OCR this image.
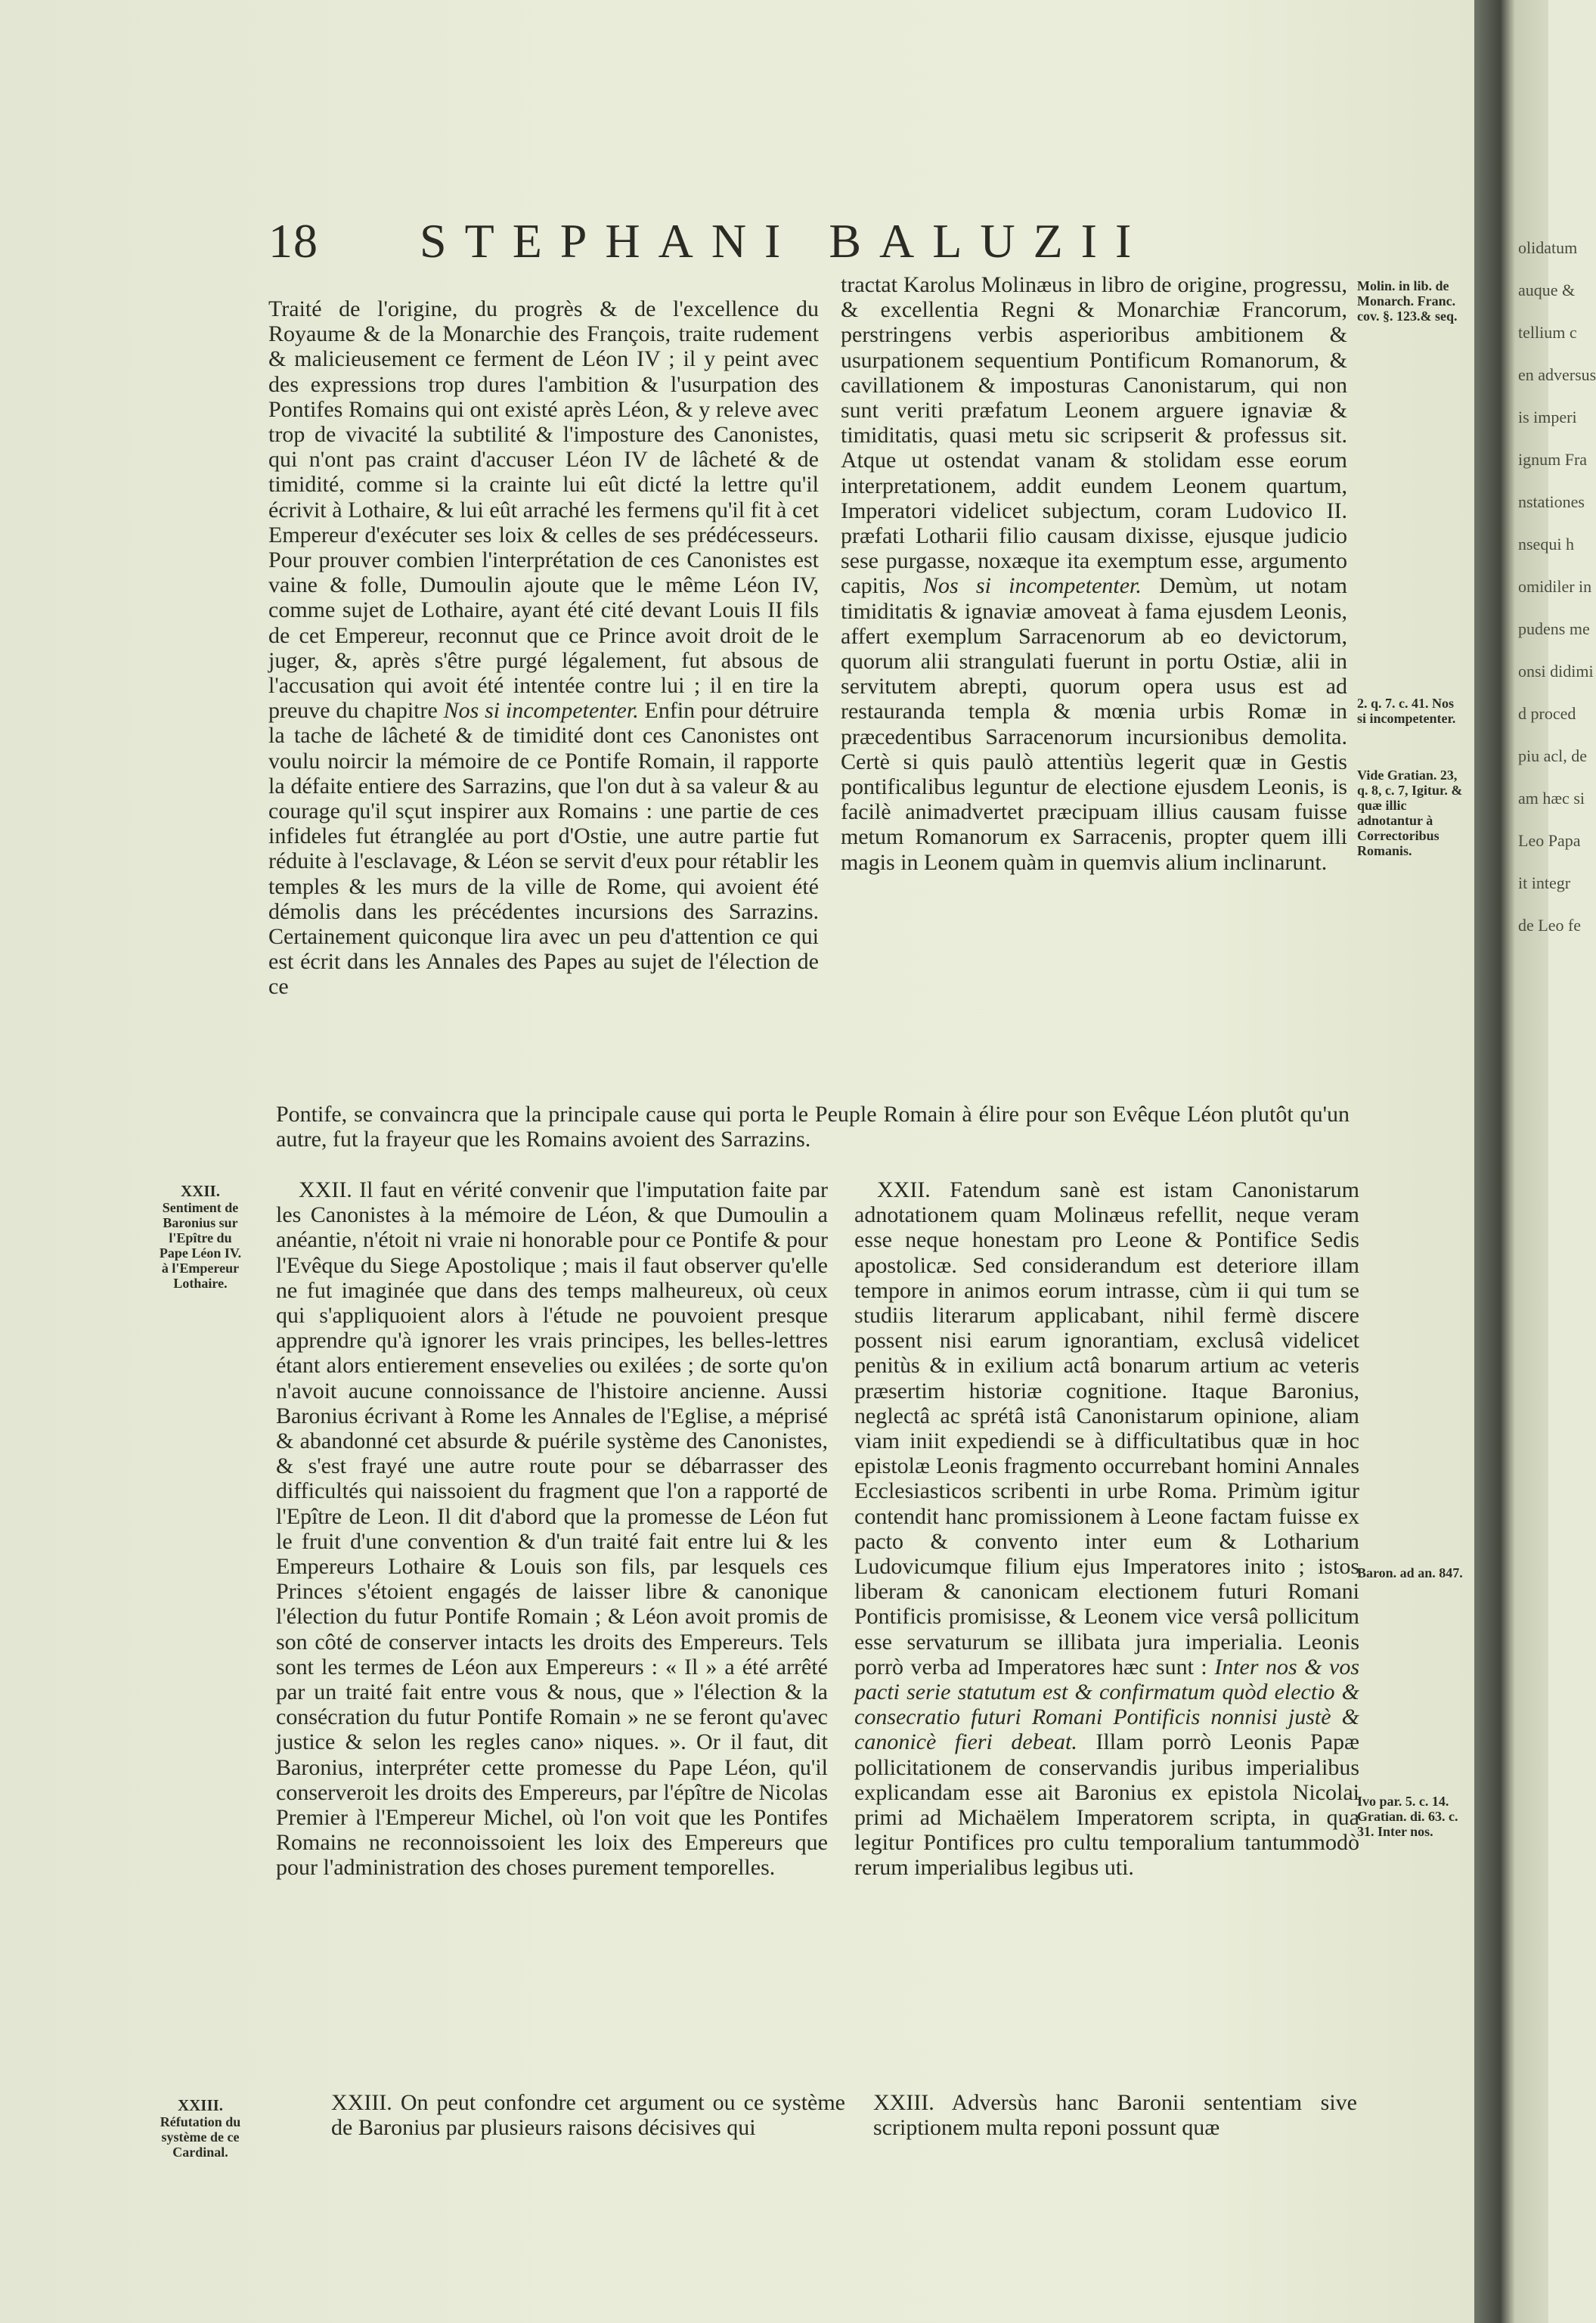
18 STEPHANI BALUZII

Traité de l'origine, du progrès & de l'excellence du Royaume & de la Monarchie des François, traite rudement & malicieusement ce ferment de Léon IV ; il y peint avec des expressions trop dures l'ambition & l'usurpation des Pontifes Romains qui ont existé après Léon, & y releve avec trop de vivacité la subtilité & l'imposture des Canonistes, qui n'ont pas craint d'accuser Léon IV de lâcheté & de timidité, comme si la crainte lui eût dicté la lettre qu'il écrivit à Lothaire, & lui eût arraché les fermens qu'il fit à cet Empereur d'exécuter ses loix & celles de ses prédécesseurs. Pour prouver combien l'interprétation de ces Canonistes est vaine & folle, Dumoulin ajoute que le même Léon IV, comme sujet de Lothaire, ayant été cité devant Louis II fils de cet Empereur, reconnut que ce Prince avoit droit de le juger, &, après s'être purgé légalement, fut absous de l'accusation qui avoit été intentée contre lui ; il en tire la preuve du chapitre Nos si incompetenter. Enfin pour détruire la tache de lâcheté & de timidité dont ces Canonistes ont voulu noircir la mémoire de ce Pontife Romain, il rapporte la défaite entiere des Sarrazins, que l'on dut à sa valeur & au courage qu'il sçut inspirer aux Romains : une partie de ces infideles fut étranglée au port d'Ostie, une autre partie fut réduite à l'esclavage, & Léon se servit d'eux pour rétablir les temples & les murs de la ville de Rome, qui avoient été démolis dans les précédentes incursions des Sarrazins. Certainement quiconque lira avec un peu d'attention ce qui est écrit dans les Annales des Papes au sujet de l'élection de ce

tractat Karolus Molinæus in libro de origine, progressu, & excellentia Regni & Monarchiæ Francorum, perstringens verbis asperioribus ambitionem & usurpationem sequentium Pontificum Romanorum, & cavillationem & imposturas Canonistarum, qui non sunt veriti præfatum Leonem arguere ignaviæ & timiditatis, quasi metu sic scripserit & professus sit. Atque ut ostendat vanam & stolidam esse eorum interpretationem, addit eundem Leonem quartum, Imperatori videlicet subjectum, coram Ludovico II. præfati Lotharii filio causam dixisse, ejusque judicio sese purgasse, noxæque ita exemptum esse, argumento capitis, Nos si incompetenter. Demùm, ut notam timiditatis & ignaviæ amoveat à fama ejusdem Leonis, affert exemplum Sarracenorum ab eo devictorum, quorum alii strangulati fuerunt in portu Ostiæ, alii in servitutem abrepti, quorum opera usus est ad restauranda templa & mœnia urbis Romæ in præcedentibus Sarracenorum incursionibus demolita. Certè si quis paulò attentiùs legerit quæ in Gestis pontificalibus leguntur de electione ejusdem Leonis, is facilè animadvertet præcipuam illius causam fuisse metum Romanorum ex Sarracenis, propter quem illi magis in Leonem quàm in quemvis alium inclinarunt.

Pontife, se convaincra que la principale cause qui porta le Peuple Romain à élire pour son Evêque Léon plutôt qu'un autre, fut la frayeur que les Romains avoient des Sarrazins.

XXII. Il faut en vérité convenir que l'imputation faite par les Canonistes à la mémoire de Léon, & que Dumoulin a anéantie, n'étoit ni vraie ni honorable pour ce Pontife & pour l'Evêque du Siege Apostolique ; mais il faut observer qu'elle ne fut imaginée que dans des temps malheureux, où ceux qui s'appliquoient alors à l'étude ne pouvoient presque apprendre qu'à ignorer les vrais principes, les belles-lettres étant alors entierement ensevelies ou exilées ; de sorte qu'on n'avoit aucune connoissance de l'histoire ancienne. Aussi Baronius écrivant à Rome les Annales de l'Eglise, a méprisé & abandonné cet absurde & puérile système des Canonistes, & s'est frayé une autre route pour se débarrasser des difficultés qui naissoient du fragment que l'on a rapporté de l'Epître de Leon. Il dit d'abord que la promesse de Léon fut le fruit d'une convention & d'un traité fait entre lui & les Empereurs Lothaire & Louis son fils, par lesquels ces Princes s'étoient engagés de laisser libre & canonique l'élection du futur Pontife Romain ; & Léon avoit promis de son côté de conserver intacts les droits des Empereurs. Tels sont les termes de Léon aux Empereurs : « Il » a été arrêté par un traité fait entre vous & nous, que » l'élection & la consécration du futur Pontife Romain » ne se feront qu'avec justice & selon les regles cano» niques. ». Or il faut, dit Baronius, interpréter cette promesse du Pape Léon, qu'il conserveroit les droits des Empereurs, par l'épître de Nicolas Premier à l'Empereur Michel, où l'on voit que les Pontifes Romains ne reconnoissoient les loix des Empereurs que pour l'administration des choses purement temporelles.

XXII. Fatendum sanè est istam Canonistarum adnotationem quam Molinæus refellit, neque veram esse neque honestam pro Leone & Pontifice Sedis apostolicæ. Sed considerandum est deteriore illam tempore in animos eorum intrasse, cùm ii qui tum se studiis literarum applicabant, nihil fermè discere possent nisi earum ignorantiam, exclusâ videlicet penitùs & in exilium actâ bonarum artium ac veteris præsertim historiæ cognitione. Itaque Baronius, neglectâ ac sprétâ istâ Canonistarum opinione, aliam viam iniit expediendi se à difficultatibus quæ in hoc epistolæ Leonis fragmento occurrebant homini Annales Ecclesiasticos scribenti in urbe Roma. Primùm igitur contendit hanc promissionem à Leone factam fuisse ex pacto & convento inter eum & Lotharium Ludovicumque filium ejus Imperatores inito ; istos liberam & canonicam electionem futuri Romani Pontificis promisisse, & Leonem vice versâ pollicitum esse servaturum se illibata jura imperialia. Leonis porrò verba ad Imperatores hæc sunt : Inter nos & vos pacti serie statutum est & confirmatum quòd electio & consecratio futuri Romani Pontificis nonnisi justè & canonicè fieri debeat. Illam porrò Leonis Papæ pollicitationem de conservandis juribus imperialibus explicandam esse ait Baronius ex epistola Nicolai primi ad Michaëlem Imperatorem scripta, in qua legitur Pontifices pro cultu temporalium tantummodò rerum imperialibus legibus uti.

XXIII. On peut confondre cet argument ou ce système de Baronius par plusieurs raisons décisives qui

XXIII. Adversùs hanc Baronii sententiam sive scriptionem multa reponi possunt quæ

XXII.
Sentiment de Baronius sur l'Epître du Pape Léon IV. à l'Empereur Lothaire.
XXIII.
Réfutation du système de ce Cardinal.
Molin. in lib. de Monarch. Franc. cov. §. 123.& seq.
2. q. 7. c. 41. Nos si incompetenter.
Vide Gratian. 23, q. 8, c. 7, Igitur. & quæ illic adnotantur à Correctoribus Romanis.
Baron. ad an. 847.
Ivo par. 5. c. 14. Gratian. di. 63. c. 31. Inter nos.
olidatum
auque &
tellium c
en adversus
is imperi
ignum Fra
nstationes
nsequi h
omidiler in
pudens me
onsi didimi
d proced
piu acl, de
am hæc si
Leo Papa
it integr
de Leo fe
